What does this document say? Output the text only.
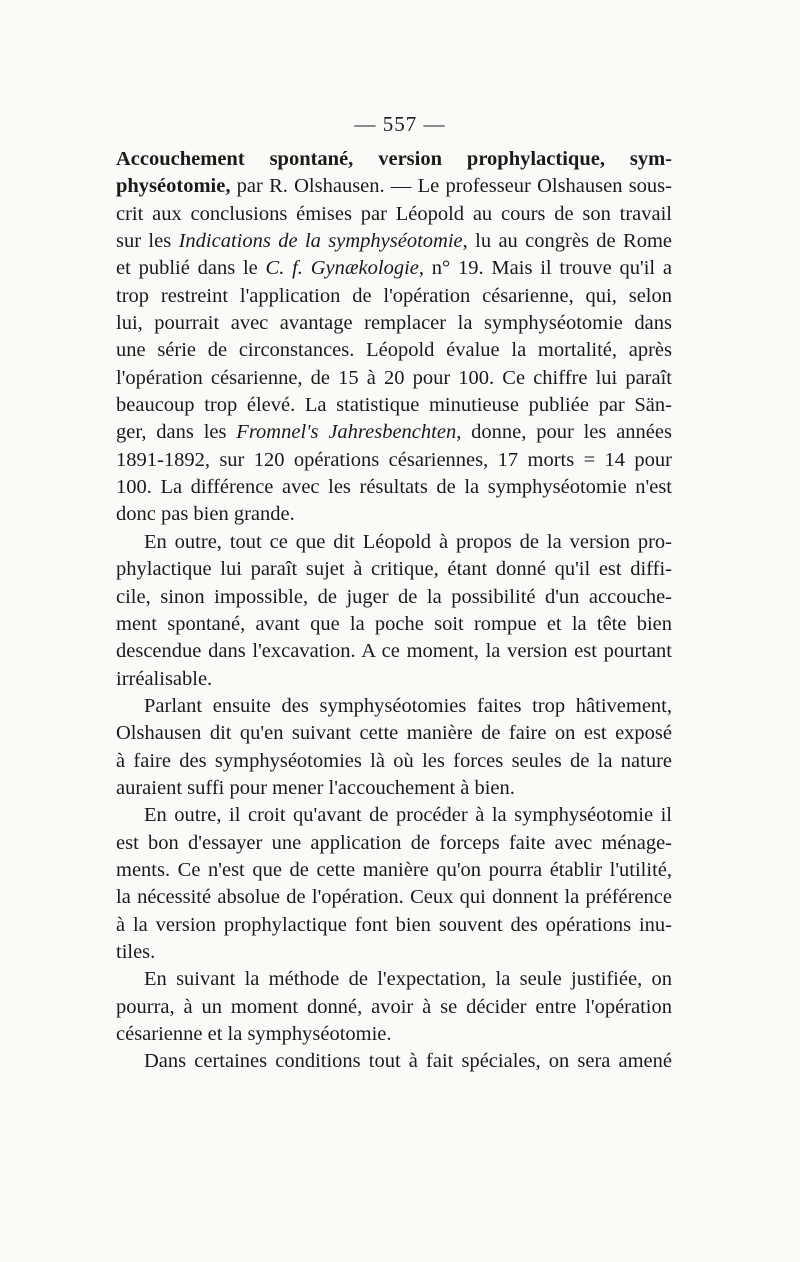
— 557 —
Accouchement spontané, version prophylactique, sym-
physéotomie, par R. Olshausen. — Le professeur Olshausen sous-
crit aux conclusions émises par Léopold au cours de son travail
sur les Indications de la symphyséotomie, lu au congrès de Rome
et publié dans le C. f. Gynækologie, n° 19. Mais il trouve qu'il a
trop restreint l'application de l'opération césarienne, qui, selon
lui, pourrait avec avantage remplacer la symphyséotomie dans
une série de circonstances. Léopold évalue la mortalité, après
l'opération césarienne, de 15 à 20 pour 100. Ce chiffre lui paraît
beaucoup trop élevé. La statistique minutieuse publiée par Sän-
ger, dans les Fromnel's Jahresbenchten, donne, pour les années
1891-1892, sur 120 opérations césariennes, 17 morts = 14 pour
100. La différence avec les résultats de la symphyséotomie n'est
donc pas bien grande.
En outre, tout ce que dit Léopold à propos de la version pro-
phylactique lui paraît sujet à critique, étant donné qu'il est diffi-
cile, sinon impossible, de juger de la possibilité d'un accouche-
ment spontané, avant que la poche soit rompue et la tête bien
descendue dans l'excavation. A ce moment, la version est pourtant
irréalisable.
Parlant ensuite des symphyséotomies faites trop hâtivement,
Olshausen dit qu'en suivant cette manière de faire on est exposé
à faire des symphyséotomies là où les forces seules de la nature
auraient suffi pour mener l'accouchement à bien.
En outre, il croit qu'avant de procéder à la symphyséotomie il
est bon d'essayer une application de forceps faite avec ménage-
ments. Ce n'est que de cette manière qu'on pourra établir l'utilité,
la nécessité absolue de l'opération. Ceux qui donnent la préférence
à la version prophylactique font bien souvent des opérations inu-
tiles.
En suivant la méthode de l'expectation, la seule justifiée, on
pourra, à un moment donné, avoir à se décider entre l'opération
césarienne et la symphyséotomie.
Dans certaines conditions tout à fait spéciales, on sera amené
